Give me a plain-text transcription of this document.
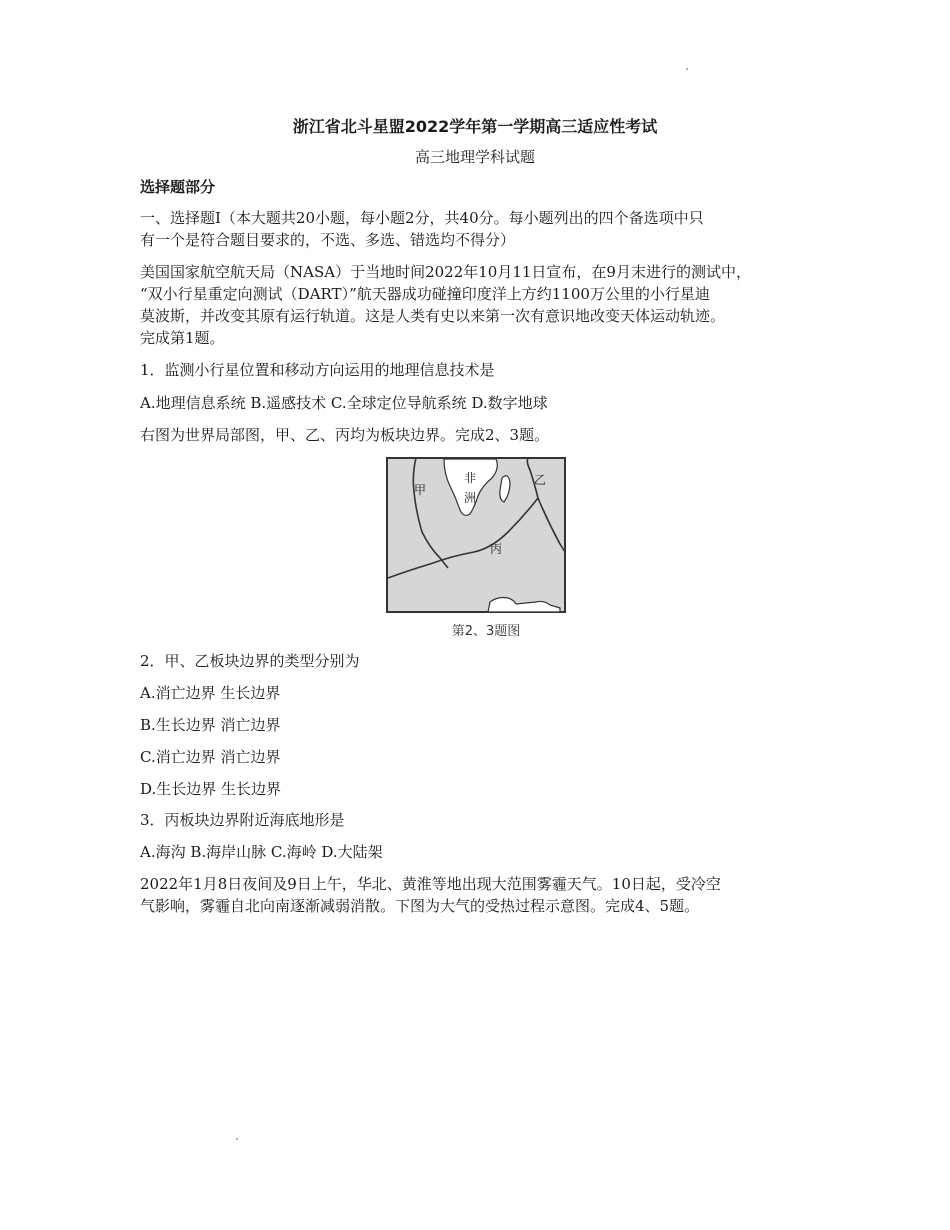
浙江省北斗星盟2022学年第一学期高三适应性考试
高三地理学科试题
选择题部分
一、选择题Ⅰ（本大题共20小题，每小题2分，共40分。每小题列出的四个备选项中只
有一个是符合题目要求的，不选、多选、错选均不得分）
美国国家航空航天局（NASA）于当地时间2022年10月11日宣布，在9月末进行的测试中，
“双小行星重定向测试（DART）”航天器成功碰撞印度洋上方约1100万公里的小行星迪
莫波斯，并改变其原有运行轨道。这是人类有史以来第一次有意识地改变天体运动轨迹。
完成第1题。
1．监测小行星位置和移动方向运用的地理信息技术是
A.地理信息系统 B.遥感技术 C.全球定位导航系统 D.数字地球
右图为世界局部图，甲、乙、丙均为板块边界。完成2、3题。
甲
乙
丙
非
洲
第2、3题图
2．甲、乙板块边界的类型分别为
A.消亡边界 生长边界
B.生长边界 消亡边界
C.消亡边界 消亡边界
D.生长边界 生长边界
3．丙板块边界附近海底地形是
A.海沟 B.海岸山脉 C.海岭 D.大陆架
2022年1月8日夜间及9日上午，华北、黄淮等地出现大范围雾霾天气。10日起，受冷空
气影响，雾霾自北向南逐渐减弱消散。下图为大气的受热过程示意图。完成4、5题。
